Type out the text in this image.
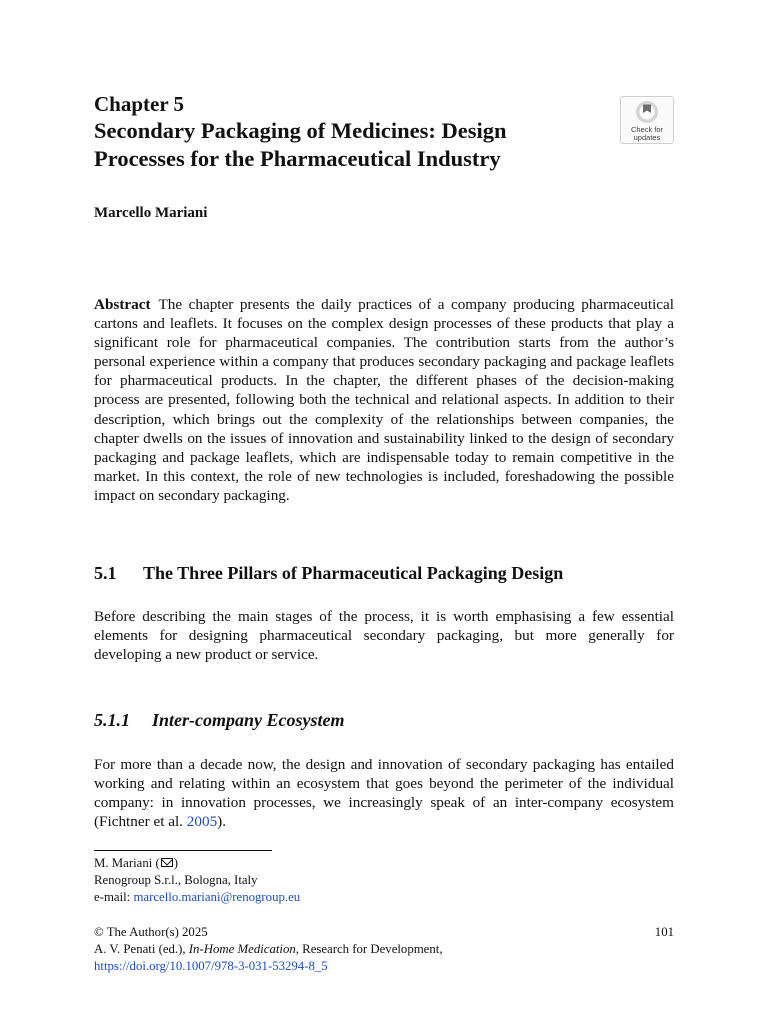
Chapter 5
Secondary Packaging of Medicines: Design
Processes for the Pharmaceutical Industry
Check for
updates
Marcello Mariani
Abstract The chapter presents the daily practices of a company producing pharmaceutical cartons and leaflets. It focuses on the complex design processes of these products that play a significant role for pharmaceutical companies. The contribution starts from the author’s personal experience within a company that produces secondary packaging and package leaflets for pharmaceutical products. In the chapter, the different phases of the decision-making process are presented, following both the technical and relational aspects. In addition to their description, which brings out the complexity of the relationships between companies, the chapter dwells on the issues of innovation and sustainability linked to the design of secondary packaging and package leaflets, which are indispensable today to remain competitive in the market. In this context, the role of new technologies is included, foreshadowing the possible impact on secondary packaging.
5.1 The Three Pillars of Pharmaceutical Packaging Design
Before describing the main stages of the process, it is worth emphasising a few essential elements for designing pharmaceutical secondary packaging, but more generally for developing a new product or service.
5.1.1 Inter-company Ecosystem
For more than a decade now, the design and innovation of secondary packaging has entailed working and relating within an ecosystem that goes beyond the perimeter of the individual company: in innovation processes, we increasingly speak of an inter-company ecosystem (Fichtner et al. 2005).
M. Mariani ( )
Renogroup S.r.l., Bologna, Italy
e-mail: marcello.mariani@renogroup.eu
© The Author(s) 2025
A. V. Penati (ed.), In-Home Medication, Research for Development,
https://doi.org/10.1007/978-3-031-53294-8_5
101
